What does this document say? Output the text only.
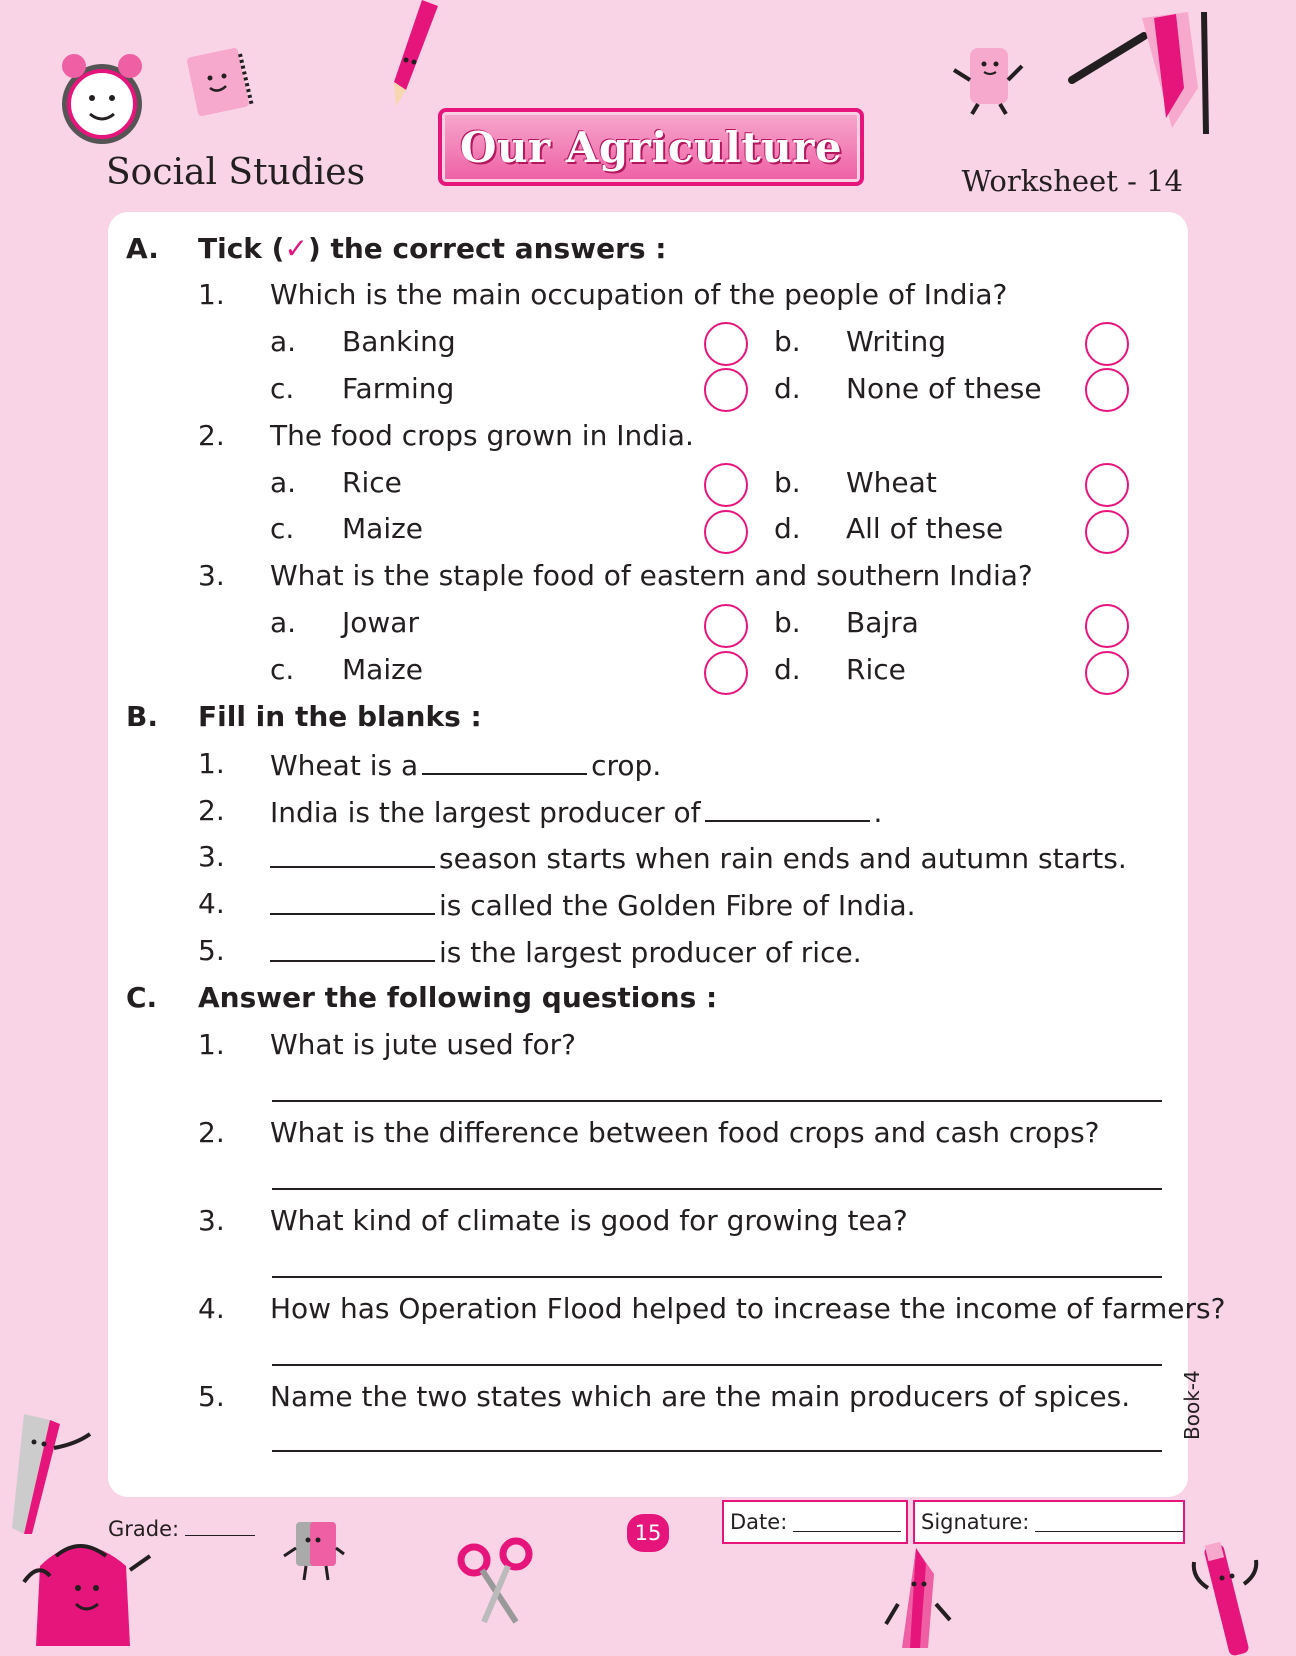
Social Studies
Our Agriculture
Worksheet - 14
A. Tick (✓) the correct answers :
1. Which is the main occupation of the people of India?
a. Banking	b. Writing
c. Farming	d. None of these
2. The food crops grown in India.
a. Rice	b. Wheat
c. Maize	d. All of these
3. What is the staple food of eastern and southern India?
a. Jowar	b. Bajra
c. Maize	d. Rice
B. Fill in the blanks :
1. Wheat is a	crop.
2. India is the largest producer of	.
3.	season starts when rain ends and autumn starts.
4.	is called the Golden Fibre of India.
5.	is the largest producer of rice.
C. Answer the following questions :
1. What is jute used for?
2. What is the difference between food crops and cash crops?
3. What kind of climate is good for growing tea?
4. How has Operation Flood helped to increase the income of farmers?
5. Name the two states which are the main producers of spices. Book-4
Grade:	15	Date:	Signature:
